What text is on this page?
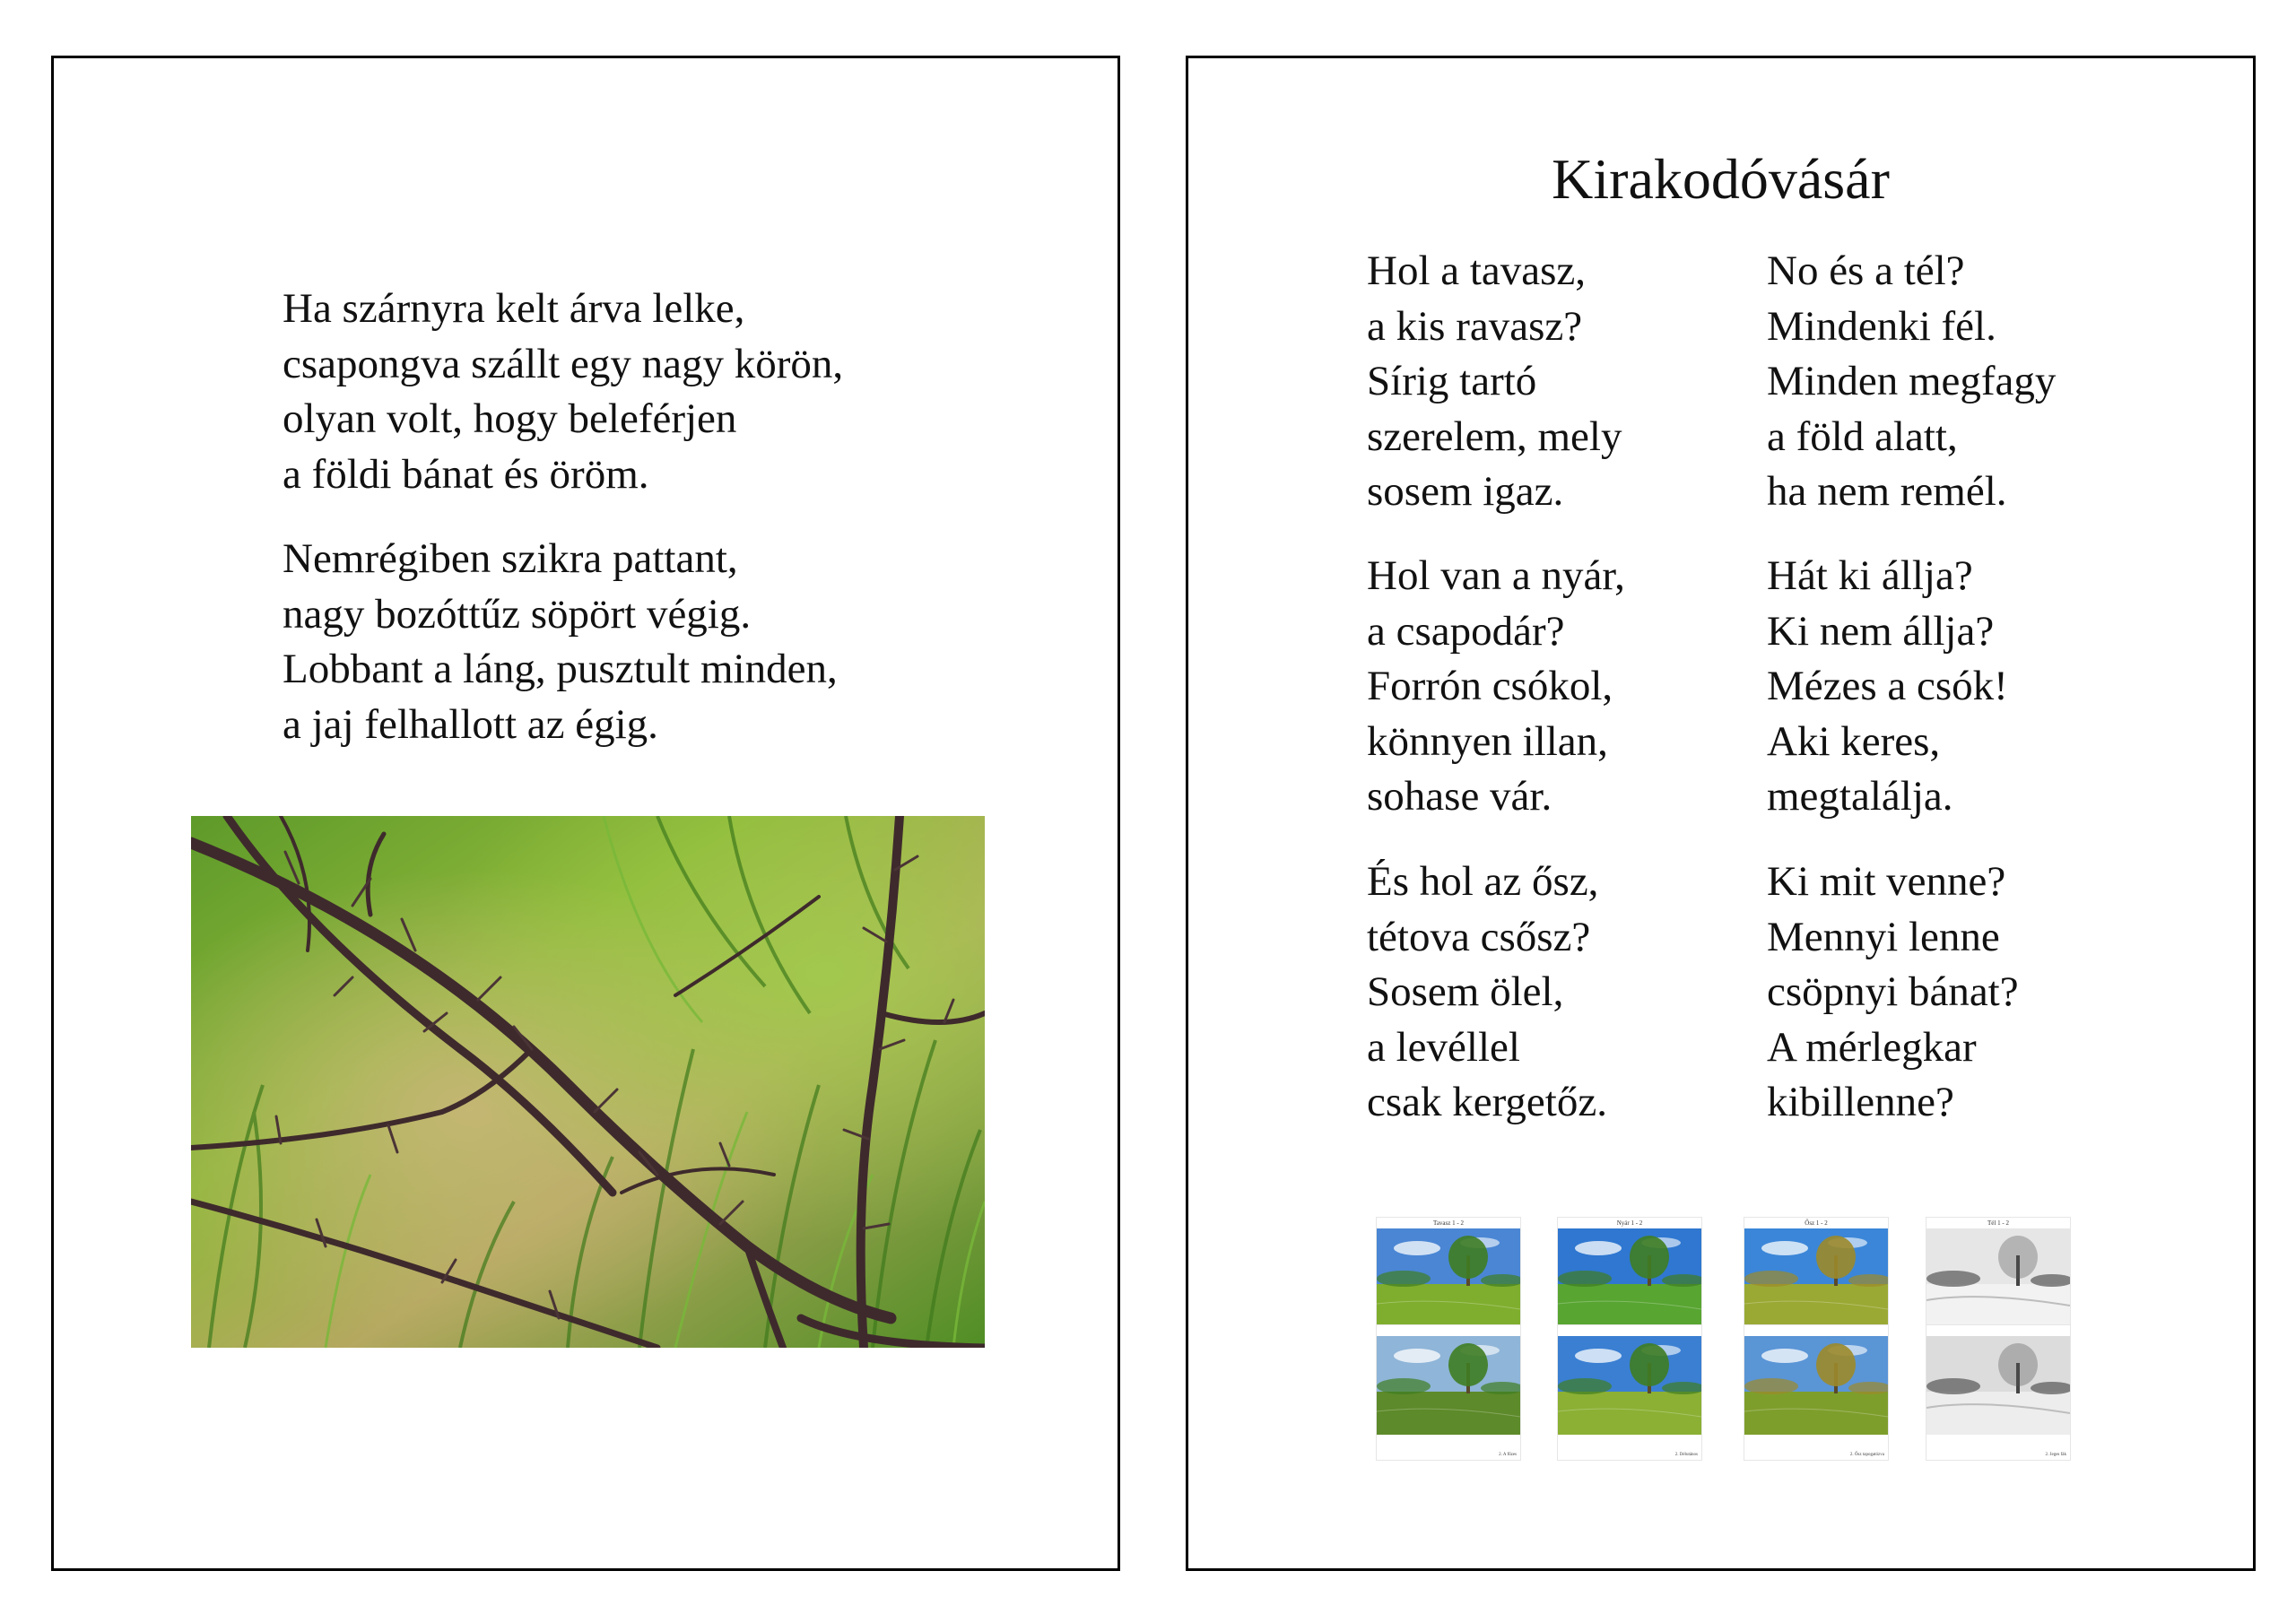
Ha szárnyra kelt árva lelke,
csapongva szállt egy nagy körön,
olyan volt, hogy beleférjen
a földi bánat és öröm.
Nemrégiben szikra pattant,
nagy bozóttűz söpört végig.
Lobbant a láng, pusztult minden,
a jaj felhallott az égig.
Kirakodóvásár
Hol a tavasz,
a kis ravasz?
Sírig tartó
szerelem, mely
sosem igaz.
Hol van a nyár,
a csapodár?
Forrón csókol,
könnyen illan,
sohase vár.
És hol az ősz,
tétova csősz?
Sosem ölel,
a levéllel
csak kergetőz.
No és a tél?
Mindenki fél.
Minden megfagy
a föld alatt,
ha nem remél.
Hát ki állja?
Ki nem állja?
Mézes a csók!
Aki keres,
megtalálja.
Ki mit venne?
Mennyi lenne
csöpnyi bánat?
A mérlegkar
kibillenne?
Tavasz 1 - 2
2. A fűzes
Nyár 1 - 2
2. Délutános
Ősz 1 - 2
2. Ősz tapogatózva
Tél 1 - 2
2. Jeges fák
